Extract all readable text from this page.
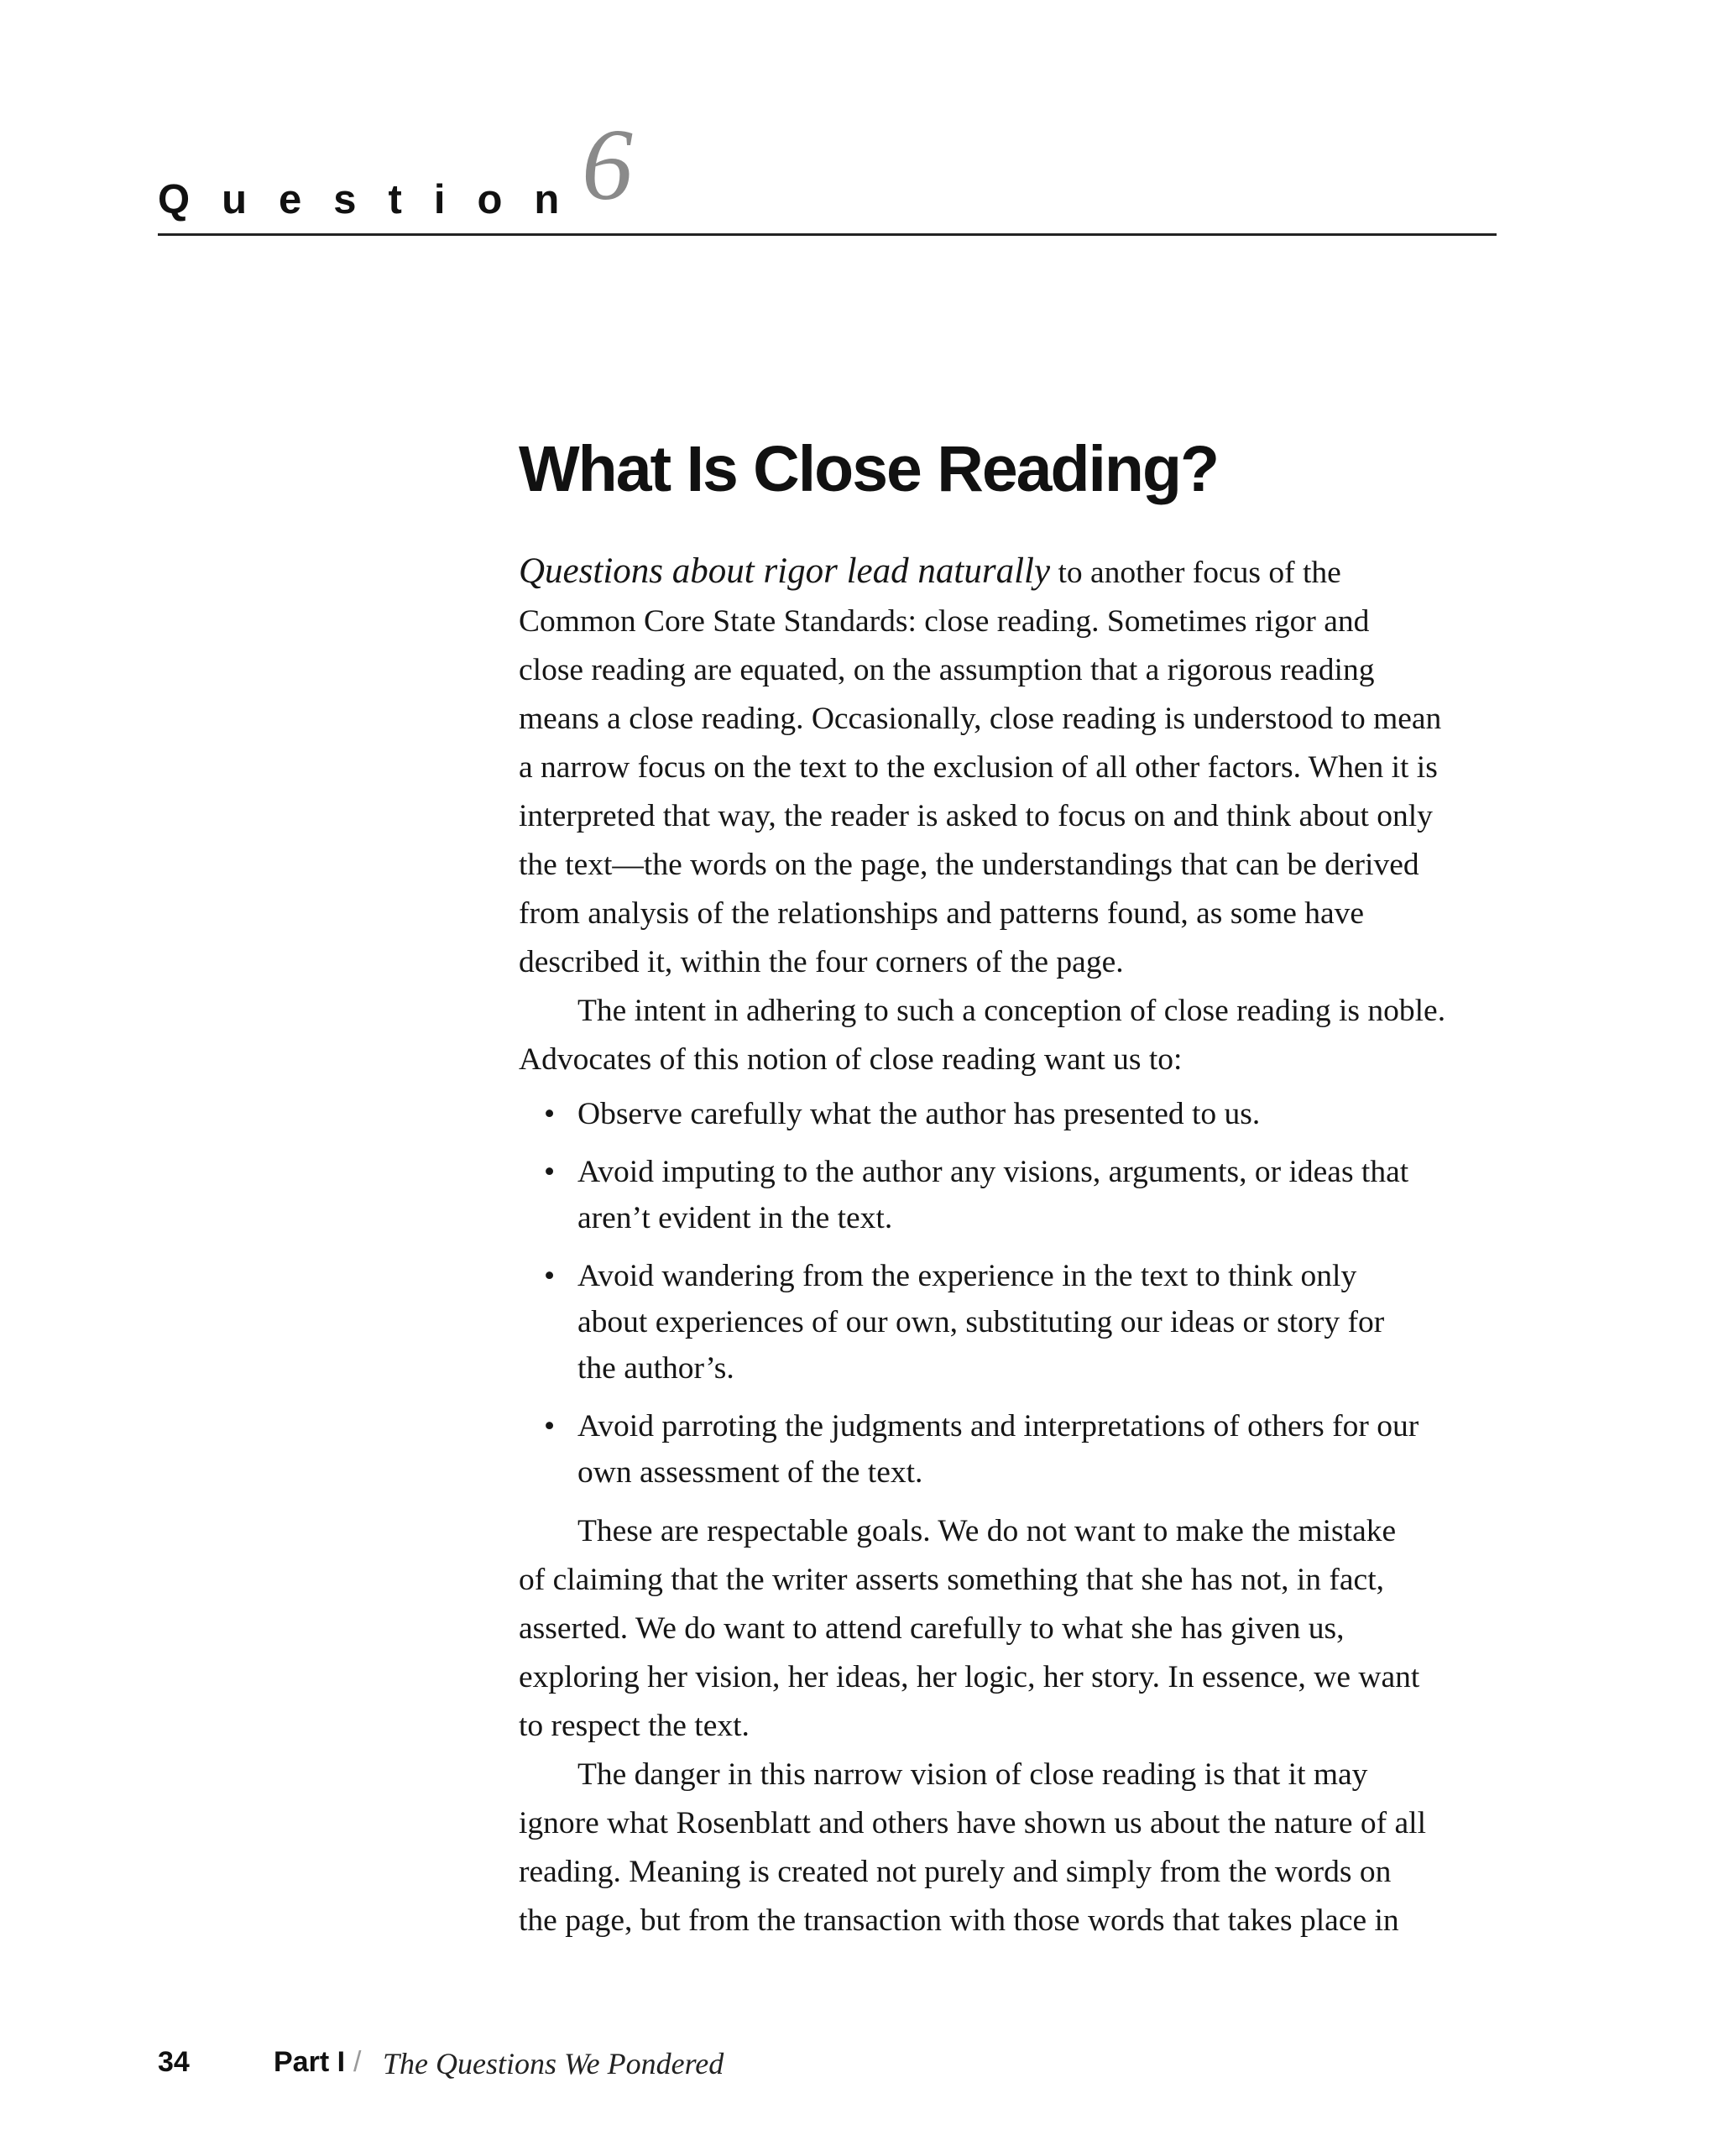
Question
6
What Is Close Reading?

Questions about rigor lead naturally to another focus of the
Common Core State Standards: close reading. Sometimes rigor and
close reading are equated, on the assumption that a rigorous reading
means a close reading. Occasionally, close reading is understood to mean
a narrow focus on the text to the exclusion of all other factors. When it is
interpreted that way, the reader is asked to focus on and think about only
the text—the words on the page, the understandings that can be derived
from analysis of the relationships and patterns found, as some have
described it, within the four corners of the page.

The intent in adhering to such a conception of close reading is noble.
Advocates of this notion of close reading want us to:

• Observe carefully what the author has presented to us.
• Avoid imputing to the author any visions, arguments, or ideas that
aren’t evident in the text.
• Avoid wandering from the experience in the text to think only
about experiences of our own, substituting our ideas or story for
the author’s.
• Avoid parroting the judgments and interpretations of others for our
own assessment of the text.

These are respectable goals. We do not want to make the mistake
of claiming that the writer asserts something that she has not, in fact,
asserted. We do want to attend carefully to what she has given us,
exploring her vision, her ideas, her logic, her story. In essence, we want
to respect the text.

The danger in this narrow vision of close reading is that it may
ignore what Rosenblatt and others have shown us about the nature of all
reading. Meaning is created not purely and simply from the words on
the page, but from the transaction with those words that takes place in

34	Part I / The Questions We Pondered
